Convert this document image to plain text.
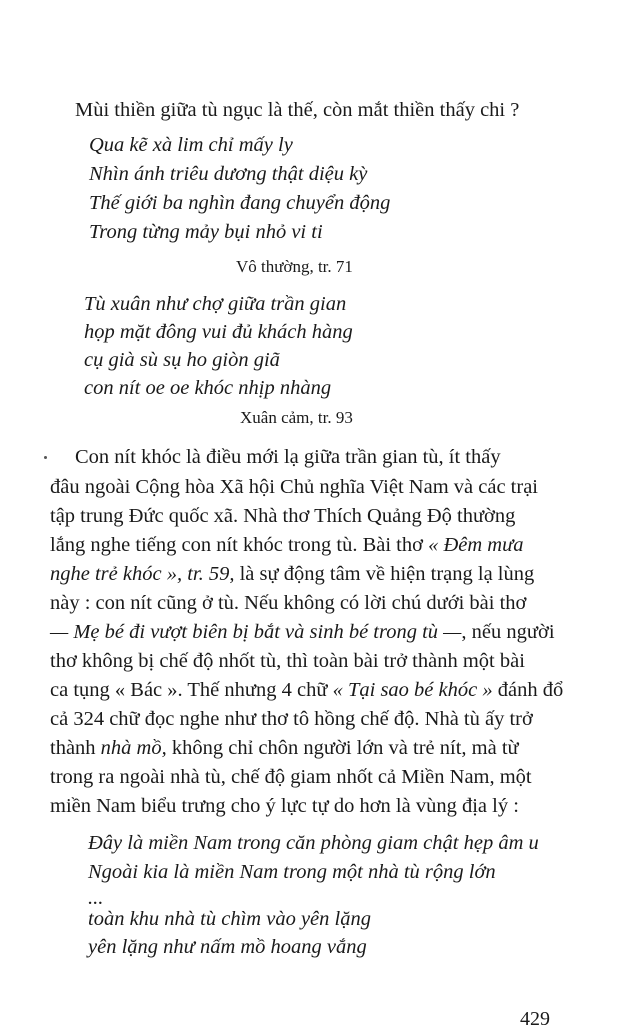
Mùi thiền giữa tù ngục là thế, còn mắt thiền thấy chi ?
Qua kẽ xà lim chỉ mấy ly
Nhìn ánh triêu dương thật diệu kỳ
Thế giới ba nghìn đang chuyển động
Trong từng mảy bụi nhỏ vi ti
Vô thường, tr. 71
Tù xuân như chợ giữa trần gian
họp mặt đông vui đủ khách hàng
cụ già sù sụ ho giòn giã
con nít oe oe khóc nhịp nhàng
Xuân cảm, tr. 93
Con nít khóc là điều mới lạ giữa trần gian tù, ít thấy
đâu ngoài Cộng hòa Xã hội Chủ nghĩa Việt Nam và các trại
tập trung Đức quốc xã. Nhà thơ Thích Quảng Độ thường
lắng nghe tiếng con nít khóc trong tù. Bài thơ « Đêm mưa
nghe trẻ khóc », tr. 59, là sự động tâm về hiện trạng lạ lùng
này : con nít cũng ở tù. Nếu không có lời chú dưới bài thơ
— Mẹ bé đi vượt biên bị bắt và sinh bé trong tù —, nếu người
thơ không bị chế độ nhốt tù, thì toàn bài trở thành một bài
ca tụng « Bác ». Thế nhưng 4 chữ « Tại sao bé khóc » đánh đổ
cả 324 chữ đọc nghe như thơ tô hồng chế độ. Nhà tù ấy trở
thành nhà mồ, không chỉ chôn người lớn và trẻ nít, mà từ
trong ra ngoài nhà tù, chế độ giam nhốt cả Miền Nam, một
miền Nam biểu trưng cho ý lực tự do hơn là vùng địa lý :
Đây là miền Nam trong căn phòng giam chật hẹp âm u
Ngoài kia là miền Nam trong một nhà tù rộng lớn
...
toàn khu nhà tù chìm vào yên lặng
yên lặng như nấm mồ hoang vắng
429
